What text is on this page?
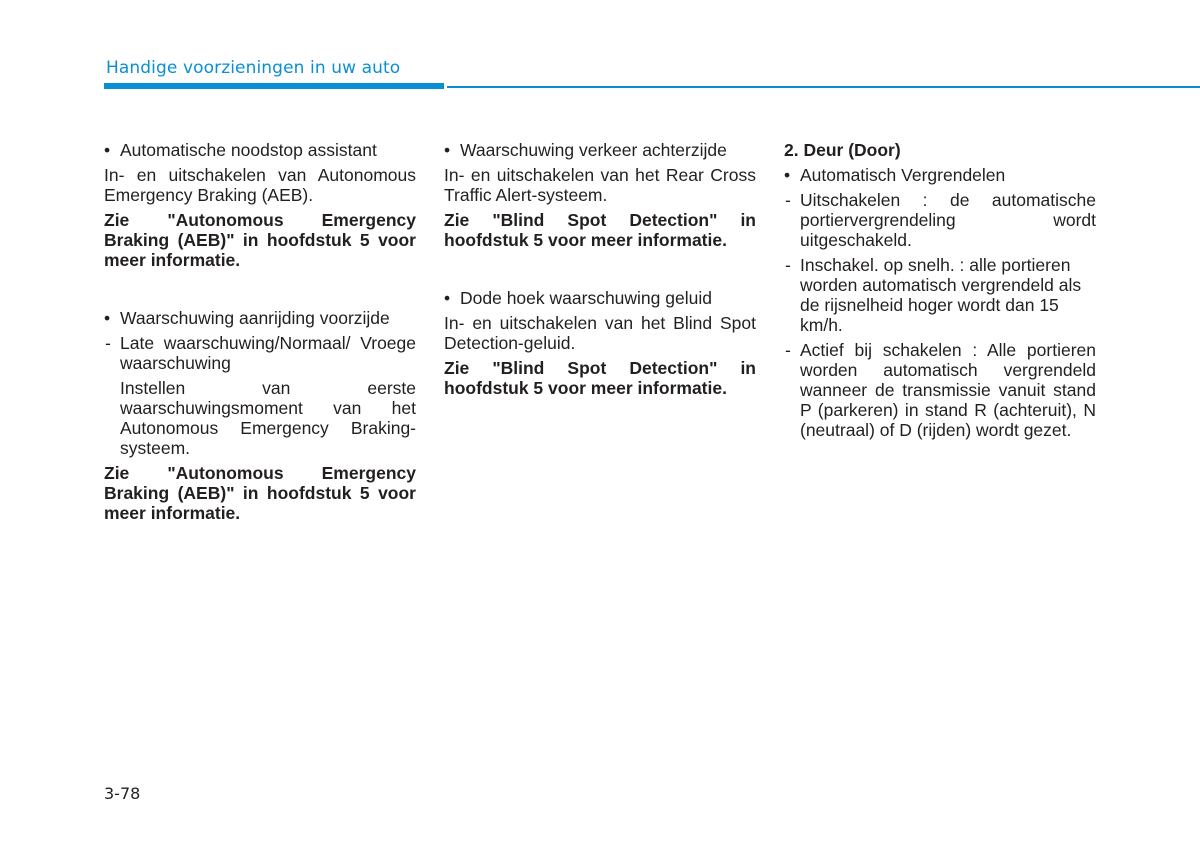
Handige voorzieningen in uw auto

• Automatische noodstop assistant

In- en uitschakelen van Autonomous Emergency Braking (AEB).

Zie "Autonomous Emergency Braking (AEB)" in hoofdstuk 5 voor meer informatie.

• Waarschuwing aanrijding voorzijde

- Late waarschuwing/Normaal/ Vroege waarschuwing

Instellen van eerste waarschuwingsmoment van het Autonomous Emergency Braking-systeem.

Zie "Autonomous Emergency Braking (AEB)" in hoofdstuk 5 voor meer informatie.

• Waarschuwing verkeer achterzijde

In- en uitschakelen van het Rear Cross Traffic Alert-systeem.

Zie "Blind Spot Detection" in hoofdstuk 5 voor meer informatie.

• Dode hoek waarschuwing geluid

In- en uitschakelen van het Blind Spot Detection-geluid.

Zie "Blind Spot Detection" in hoofdstuk 5 voor meer informatie.

2. Deur (Door)

• Automatisch Vergrendelen

- Uitschakelen : de automatische portiervergrendeling wordt uitgeschakeld.

- Inschakel. op snelh. : alle portieren worden automatisch vergrendeld als de rijsnelheid hoger wordt dan 15 km/h.

- Actief bij schakelen : Alle portieren worden automatisch vergrendeld wanneer de transmissie vanuit stand P (parkeren) in stand R (achteruit), N (neutraal) of D (rijden) wordt gezet.

3-78
